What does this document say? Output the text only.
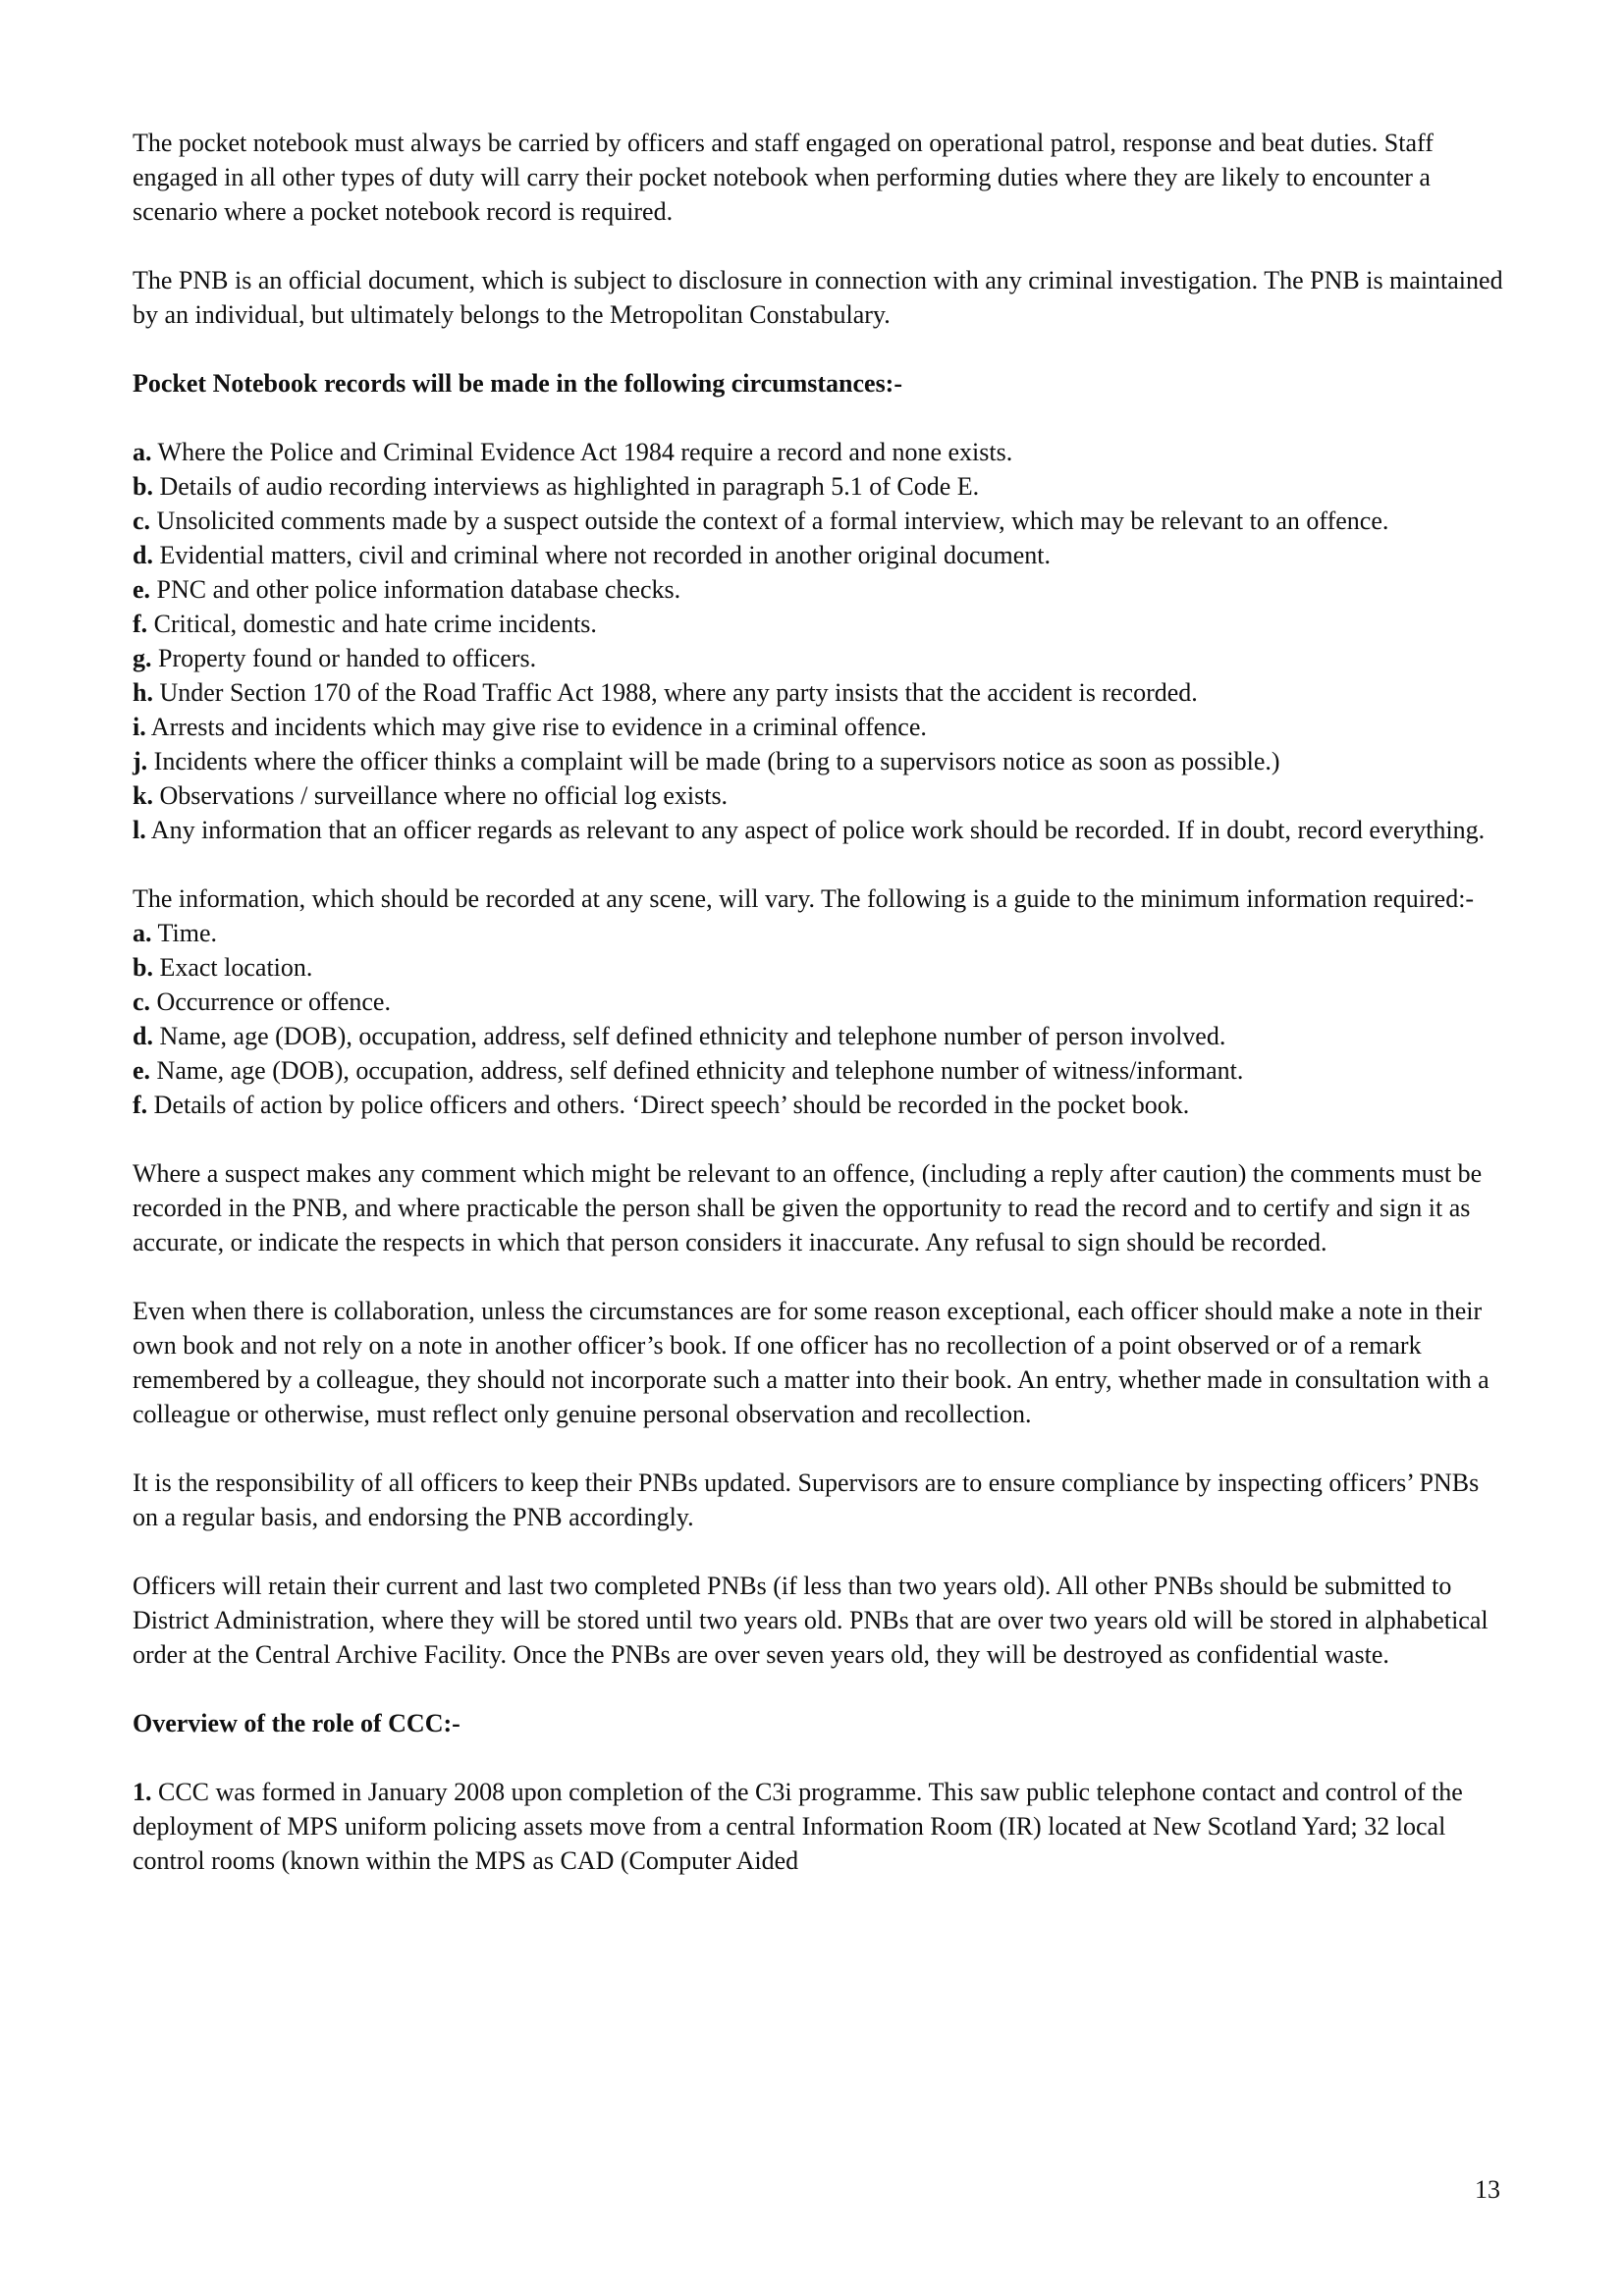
The pocket notebook must always be carried by officers and staff engaged on operational patrol, response and beat duties. Staff engaged in all other types of duty will carry their pocket notebook when performing duties where they are likely to encounter a scenario where a pocket notebook record is required.

The PNB is an official document, which is subject to disclosure in connection with any criminal investigation. The PNB is maintained by an individual, but ultimately belongs to the Metropolitan Constabulary.

Pocket Notebook records will be made in the following circumstances:-

a. Where the Police and Criminal Evidence Act 1984 require a record and none exists.

b. Details of audio recording interviews as highlighted in paragraph 5.1 of Code E.

c. Unsolicited comments made by a suspect outside the context of a formal interview, which may be relevant to an offence.

d. Evidential matters, civil and criminal where not recorded in another original document.

e. PNC and other police information database checks.

f. Critical, domestic and hate crime incidents.

g. Property found or handed to officers.

h. Under Section 170 of the Road Traffic Act 1988, where any party insists that the accident is recorded.

i. Arrests and incidents which may give rise to evidence in a criminal offence.

j. Incidents where the officer thinks a complaint will be made (bring to a supervisors notice as soon as possible.)

k. Observations / surveillance where no official log exists.

l. Any information that an officer regards as relevant to any aspect of police work should be recorded. If in doubt, record everything.

The information, which should be recorded at any scene, will vary. The following is a guide to the minimum information required:-

a. Time.

b. Exact location.

c. Occurrence or offence.

d. Name, age (DOB), occupation, address, self defined ethnicity and telephone number of person involved.

e. Name, age (DOB), occupation, address, self defined ethnicity and telephone number of witness/informant.

f. Details of action by police officers and others. ‘Direct speech’ should be recorded in the pocket book.

Where a suspect makes any comment which might be relevant to an offence, (including a reply after caution) the comments must be recorded in the PNB, and where practicable the person shall be given the opportunity to read the record and to certify and sign it as accurate, or indicate the respects in which that person considers it inaccurate. Any refusal to sign should be recorded.

Even when there is collaboration, unless the circumstances are for some reason exceptional, each officer should make a note in their own book and not rely on a note in another officer’s book. If one officer has no recollection of a point observed or of a remark remembered by a colleague, they should not incorporate such a matter into their book. An entry, whether made in consultation with a colleague or otherwise, must reflect only genuine personal observation and recollection.

It is the responsibility of all officers to keep their PNBs updated. Supervisors are to ensure compliance by inspecting officers’ PNBs on a regular basis, and endorsing the PNB accordingly.

Officers will retain their current and last two completed PNBs (if less than two years old). All other PNBs should be submitted to District Administration, where they will be stored until two years old. PNBs that are over two years old will be stored in alphabetical order at the Central Archive Facility. Once the PNBs are over seven years old, they will be destroyed as confidential waste.

Overview of the role of CCC:-

1. CCC was formed in January 2008 upon completion of the C3i programme. This saw public telephone contact and control of the deployment of MPS uniform policing assets move from a central Information Room (IR) located at New Scotland Yard; 32 local control rooms (known within the MPS as CAD (Computer Aided

13
